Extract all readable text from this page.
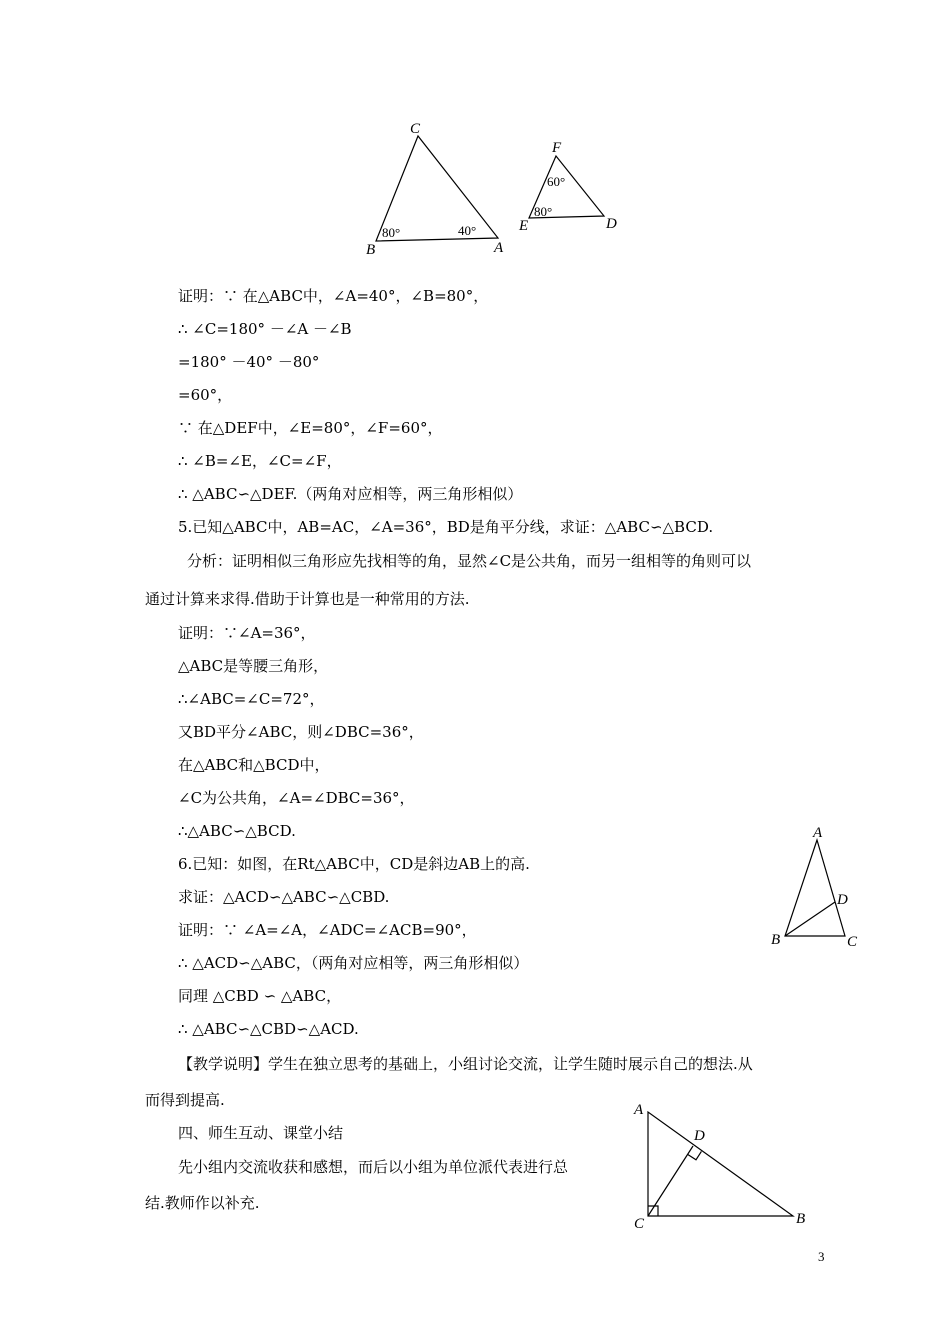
C
B	A
80°	40°
F
E	D
60°
80°
证明：∵ 在△ABC中，∠A=40°，∠B=80°，
∴ ∠C=180° －∠A －∠B
=180° －40° －80°
=60°，
∵ 在△DEF中，∠E=80°，∠F=60°，
∴ ∠B=∠E，∠C=∠F，
∴ △ABC∽△DEF.（两角对应相等，两三角形相似）
5.已知△ABC中，AB=AC，∠A=36°，BD是角平分线，求证：△ABC∽△BCD.
分析：证明相似三角形应先找相等的角，显然∠C是公共角，而另一组相等的角则可以
通过计算来求得.借助于计算也是一种常用的方法.
证明：∵∠A=36°，
△ABC是等腰三角形，
∴∠ABC=∠C=72°，
又BD平分∠ABC，则∠DBC=36°，
在△ABC和△BCD中，
∠C为公共角，∠A=∠DBC=36°，
∴△ABC∽△BCD.
6.已知：如图，在Rt△ABC中，CD是斜边AB上的高.
求证：△ACD∽△ABC∽△CBD.
证明：∵ ∠A=∠A，∠ADC=∠ACB=90°，
∴ △ACD∽△ABC，（两角对应相等，两三角形相似）
同理 △CBD ∽ △ABC，
∴ △ABC∽△CBD∽△ACD.
【教学说明】学生在独立思考的基础上，小组讨论交流，让学生随时展示自己的想法.从
而得到提高.
四、师生互动、课堂小结
先小组内交流收获和感想，而后以小组为单位派代表进行总
结.教师作以补充.
A
B	C
D
A
D
C	B
3
